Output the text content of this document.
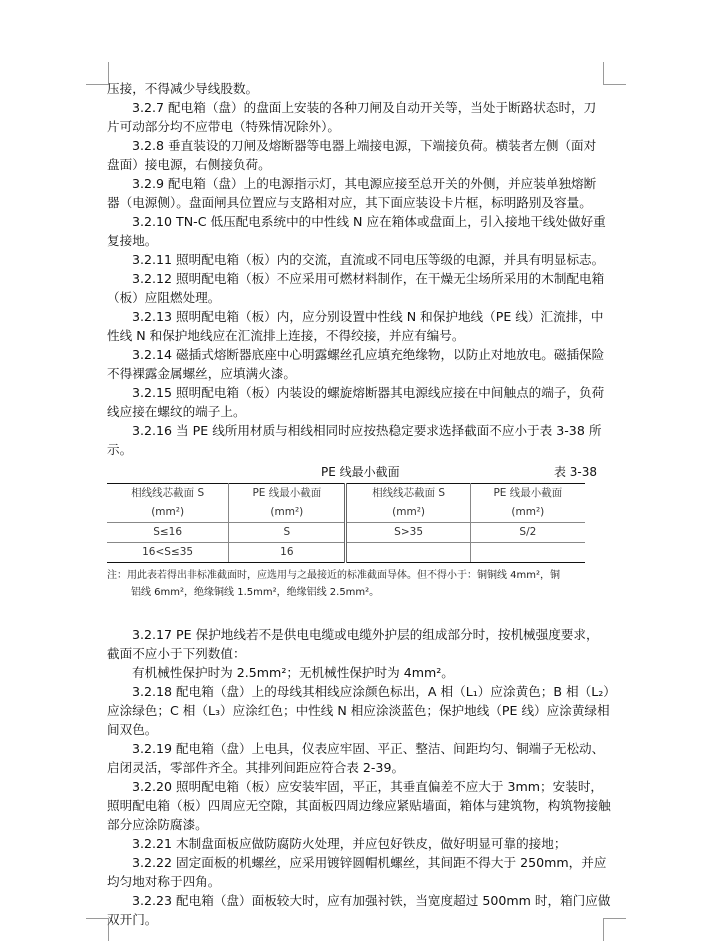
压接，不得减少导线股数。
3.2.7 配电箱（盘）的盘面上安装的各种刀闸及自动开关等，当处于断路状态时，刀
片可动部分均不应带电（特殊情况除外）。
3.2.8 垂直装设的刀闸及熔断器等电器上端接电源，下端接负荷。横装者左侧（面对
盘面）接电源，右侧接负荷。
3.2.9 配电箱（盘）上的电源指示灯，其电源应接至总开关的外侧，并应装单独熔断
器（电源侧）。盘面闸具位置应与支路相对应，其下面应装设卡片框，标明路别及容量。
3.2.10 TN-C 低压配电系统中的中性线 N 应在箱体或盘面上，引入接地干线处做好重
复接地。
3.2.11 照明配电箱（板）内的交流，直流或不同电压等级的电源，并具有明显标志。
3.2.12 照明配电箱（板）不应采用可燃材料制作，在干燥无尘场所采用的木制配电箱
（板）应阻燃处理。
3.2.13 照明配电箱（板）内，应分别设置中性线 N 和保护地线（PE 线）汇流排，中
性线 N 和保护地线应在汇流排上连接，不得绞接，并应有编号。
3.2.14 磁插式熔断器底座中心明露螺丝孔应填充绝缘物，以防止对地放电。磁插保险
不得裸露金属螺丝，应填满火漆。
3.2.15 照明配电箱（板）内装设的螺旋熔断器其电源线应接在中间触点的端子，负荷
线应接在螺纹的端子上。
3.2.16 当 PE 线所用材质与相线相同时应按热稳定要求选择截面不应小于表 3-38 所
示。
PE 线最小截面	表 3-38
相线线芯截面 S	PE 线最小截面	相线线芯截面 S	PE 线最小截面
(mm²)	(mm²)	(mm²)	(mm²)
S≤16	S	S>35	S/2
16<S≤35	16		
注：用此表若得出非标准截面时，应选用与之最接近的标准截面导体。但不得小于：铜铜线 4mm²，铜
铝线 6mm²，绝缘铜线 1.5mm²，绝缘铝线 2.5mm²。
3.2.17 PE 保护地线若不是供电电缆或电缆外护层的组成部分时，按机械强度要求，
截面不应小于下列数值：
有机械性保护时为 2.5mm²；无机械性保护时为 4mm²。
3.2.18 配电箱（盘）上的母线其相线应涂颜色标出，A 相（L₁）应涂黄色；B 相（L₂）
应涂绿色；C 相（L₃）应涂红色；中性线 N 相应涂淡蓝色；保护地线（PE 线）应涂黄绿相
间双色。
3.2.19 配电箱（盘）上电具，仪表应牢固、平正、整洁、间距均匀、铜端子无松动、
启闭灵活，零部件齐全。其排列间距应符合表 2-39。
3.2.20 照明配电箱（板）应安装牢固，平正，其垂直偏差不应大于 3mm；安装时，
照明配电箱（板）四周应无空隙，其面板四周边缘应紧贴墙面，箱体与建筑物，构筑物接触
部分应涂防腐漆。
3.2.21 木制盘面板应做防腐防火处理，并应包好铁皮，做好明显可靠的接地；
3.2.22 固定面板的机螺丝，应采用镀锌圆帽机螺丝，其间距不得大于 250mm，并应
均匀地对称于四角。
3.2.23 配电箱（盘）面板较大时，应有加强衬铁，当宽度超过 500mm 时，箱门应做
双开门。
